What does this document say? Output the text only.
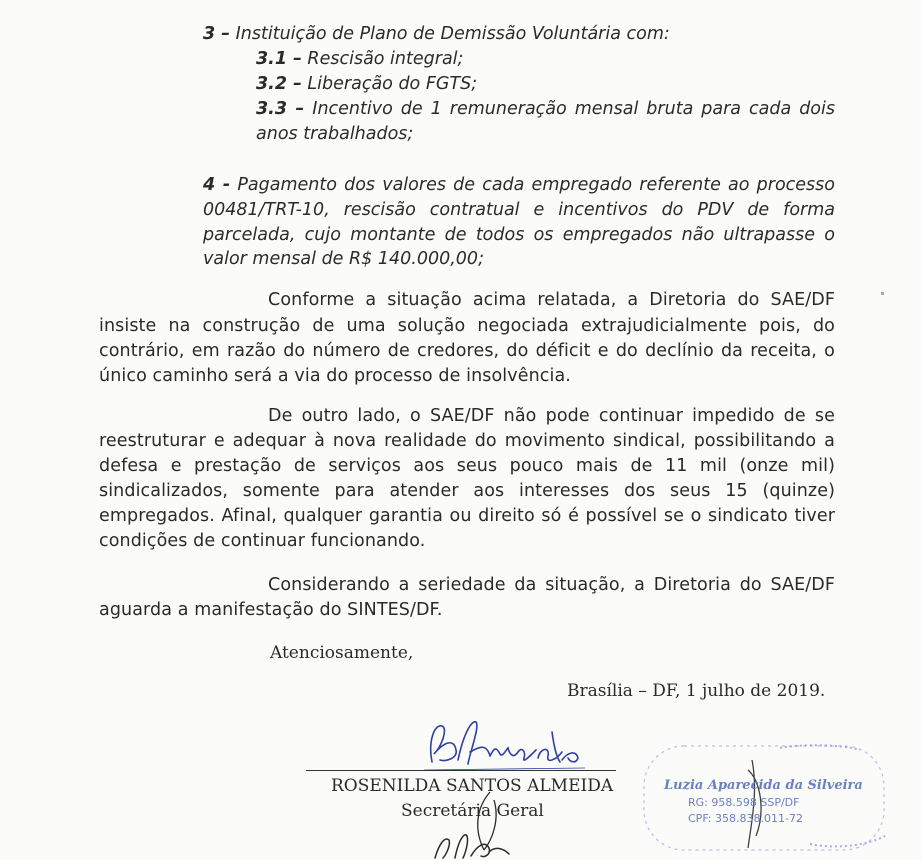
3 – Instituição de Plano de Demissão Voluntária com:
3.1 – Rescisão integral;
3.2 – Liberação do FGTS;
3.3 – Incentivo de 1 remuneração mensal bruta para cada dois
anos trabalhados;
4 - Pagamento dos valores de cada empregado referente ao processo
00481/TRT-10, rescisão contratual e incentivos do PDV de forma
parcelada, cujo montante de todos os empregados não ultrapasse o
valor mensal de R$ 140.000,00;
Conforme a situação acima relatada, a Diretoria do SAE/DF
insiste na construção de uma solução negociada extrajudicialmente pois, do
contrário, em razão do número de credores, do déficit e do declínio da receita, o
único caminho será a via do processo de insolvência.
De outro lado, o SAE/DF não pode continuar impedido de se
reestruturar e adequar à nova realidade do movimento sindical, possibilitando a
defesa e prestação de serviços aos seus pouco mais de 11 mil (onze mil)
sindicalizados, somente para atender aos interesses dos seus 15 (quinze)
empregados. Afinal, qualquer garantia ou direito só é possível se o sindicato tiver
condições de continuar funcionando.
Considerando a seriedade da situação, a Diretoria do SAE/DF
aguarda a manifestação do SINTES/DF.
Atenciosamente,
Brasília – DF, 1 julho de 2019.
ROSENILDA SANTOS ALMEIDA
Secretária Geral
Luzia Aparecida da Silveira
RG: 958.598 SSP/DF
CPF: 358.838.011-72
